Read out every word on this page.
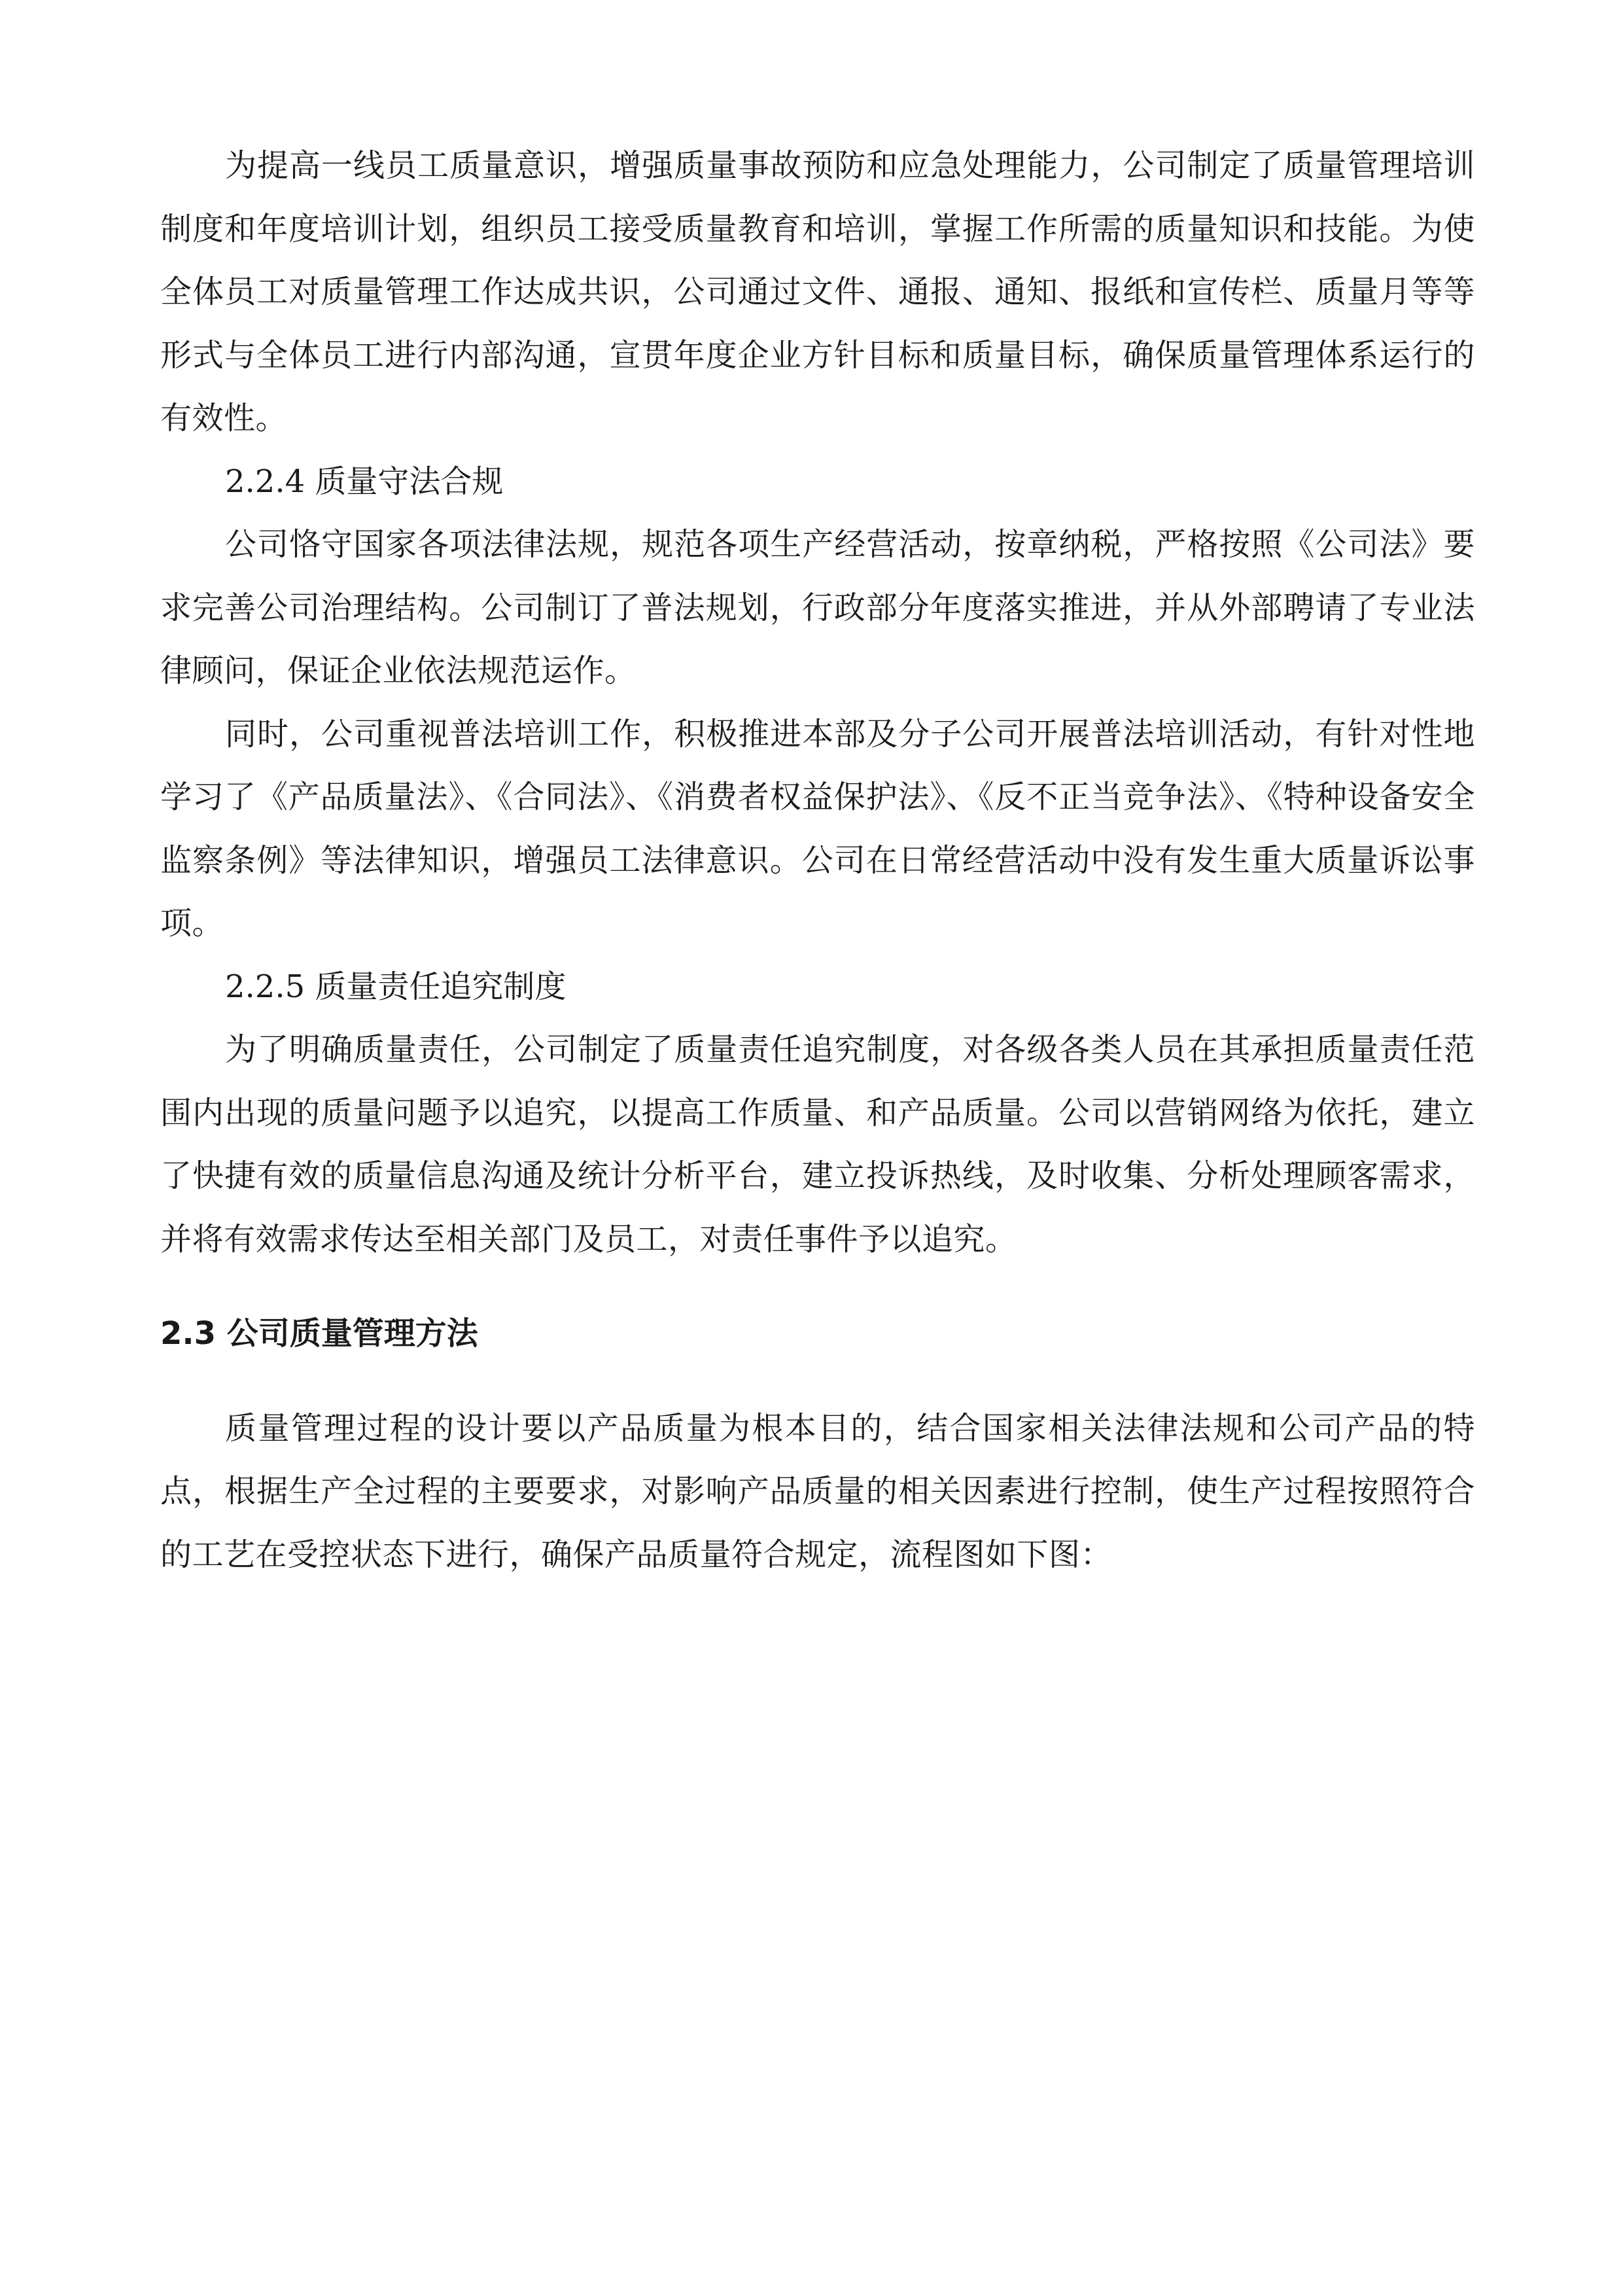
为提高一线员工质量意识，增强质量事故预防和应急处理能力，公司制定了质量管理培训制度和年度培训计划，组织员工接受质量教育和培训，掌握工作所需的质量知识和技能。为使全体员工对质量管理工作达成共识，公司通过文件、通报、通知、报纸和宣传栏、质量月等等形式与全体员工进行内部沟通，宣贯年度企业方针目标和质量目标，确保质量管理体系运行的有效性。

2.2.4 质量守法合规

公司恪守国家各项法律法规，规范各项生产经营活动，按章纳税，严格按照《公司法》要求完善公司治理结构。公司制订了普法规划，行政部分年度落实推进，并从外部聘请了专业法律顾问，保证企业依法规范运作。

同时，公司重视普法培训工作，积极推进本部及分子公司开展普法培训活动，有针对性地学习了《产品质量法》、《合同法》、《消费者权益保护法》、《反不正当竞争法》、《特种设备安全监察条例》等法律知识，增强员工法律意识。公司在日常经营活动中没有发生重大质量诉讼事项。

2.2.5 质量责任追究制度

为了明确质量责任，公司制定了质量责任追究制度，对各级各类人员在其承担质量责任范围内出现的质量问题予以追究，以提高工作质量、和产品质量。公司以营销网络为依托，建立了快捷有效的质量信息沟通及统计分析平台，建立投诉热线，及时收集、分析处理顾客需求，并将有效需求传达至相关部门及员工，对责任事件予以追究。

2.3 公司质量管理方法

质量管理过程的设计要以产品质量为根本目的，结合国家相关法律法规和公司产品的特点，根据生产全过程的主要要求，对影响产品质量的相关因素进行控制，使生产过程按照符合的工艺在受控状态下进行，确保产品质量符合规定，流程图如下图：
